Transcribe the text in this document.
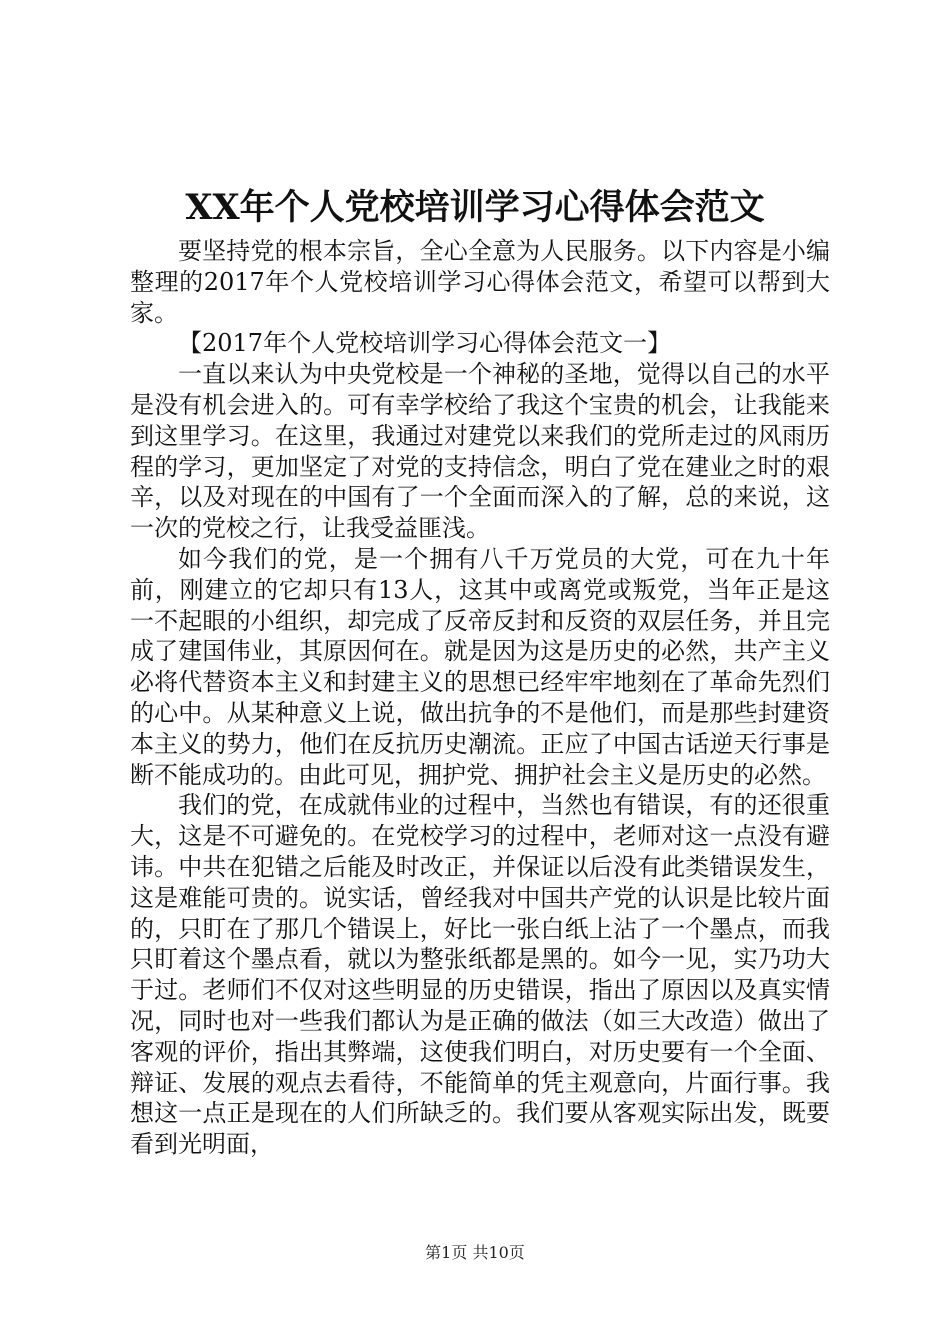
XX年个人党校培训学习心得体会范文

要坚持党的根本宗旨，全心全意为人民服务。以下内容是小编整理的2017年个人党校培训学习心得体会范文，希望可以帮到大家。

【2017年个人党校培训学习心得体会范文一】

一直以来认为中央党校是一个神秘的圣地，觉得以自己的水平是没有机会进入的。可有幸学校给了我这个宝贵的机会，让我能来到这里学习。在这里，我通过对建党以来我们的党所走过的风雨历程的学习，更加坚定了对党的支持信念，明白了党在建业之时的艰辛，以及对现在的中国有了一个全面而深入的了解，总的来说，这一次的党校之行，让我受益匪浅。

如今我们的党，是一个拥有八千万党员的大党，可在九十年前，刚建立的它却只有13人，这其中或离党或叛党，当年正是这一不起眼的小组织，却完成了反帝反封和反资的双层任务，并且完成了建国伟业，其原因何在。就是因为这是历史的必然，共产主义必将代替资本主义和封建主义的思想已经牢牢地刻在了革命先烈们的心中。从某种意义上说，做出抗争的不是他们，而是那些封建资本主义的势力，他们在反抗历史潮流。正应了中国古话逆天行事是断不能成功的。由此可见，拥护党、拥护社会主义是历史的必然。

我们的党，在成就伟业的过程中，当然也有错误，有的还很重大，这是不可避免的。在党校学习的过程中，老师对这一点没有避讳。中共在犯错之后能及时改正，并保证以后没有此类错误发生，这是难能可贵的。说实话，曾经我对中国共产党的认识是比较片面的，只盯在了那几个错误上，好比一张白纸上沾了一个墨点，而我只盯着这个墨点看，就以为整张纸都是黑的。如今一见，实乃功大于过。老师们不仅对这些明显的历史错误，指出了原因以及真实情况，同时也对一些我们都认为是正确的做法（如三大改造）做出了客观的评价，指出其弊端，这使我们明白，对历史要有一个全面、辩证、发展的观点去看待，不能简单的凭主观意向，片面行事。我想这一点正是现在的人们所缺乏的。我们要从客观实际出发，既要看到光明面，

第1页 共10页
